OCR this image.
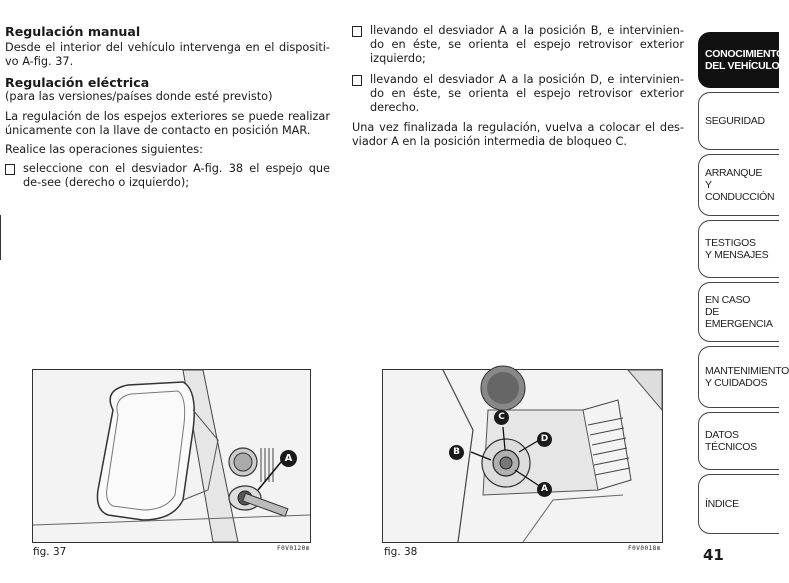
Regulación manual

Desde el interior del vehículo intervenga en el dispositi-vo A-fig. 37.

Regulación eléctrica

(para las versiones/países donde esté previsto)

La regulación de los espejos exteriores se puede realizar únicamente con la llave de contacto en posición MAR.

Realice las operaciones siguientes:

seleccione con el desviador A-fig. 38 el espejo que de-see (derecho o izquierdo);
llevando el desviador A a la posición B, e intervinien-do en éste, se orienta el espejo retrovisor exterior izquierdo;
llevando el desviador A a la posición D, e intervinien-do en éste, se orienta el espejo retrovisor exterior derecho.

Una vez finalizada la regulación, vuelva a colocar el des-viador A en la posición intermedia de bloqueo C.

A
fig. 37	F0V0120m
C
B
D
A
fig. 38	F0V0018m
CONOCIMIENTO
DEL VEHÍCULO
SEGURIDAD
ARRANQUE
Y CONDUCCIÓN
TESTIGOS
Y MENSAJES
EN CASO
DE EMERGENCIA
MANTENIMIENTO
Y CUIDADOS
DATOS TÉCNICOS
ÍNDICE
41
